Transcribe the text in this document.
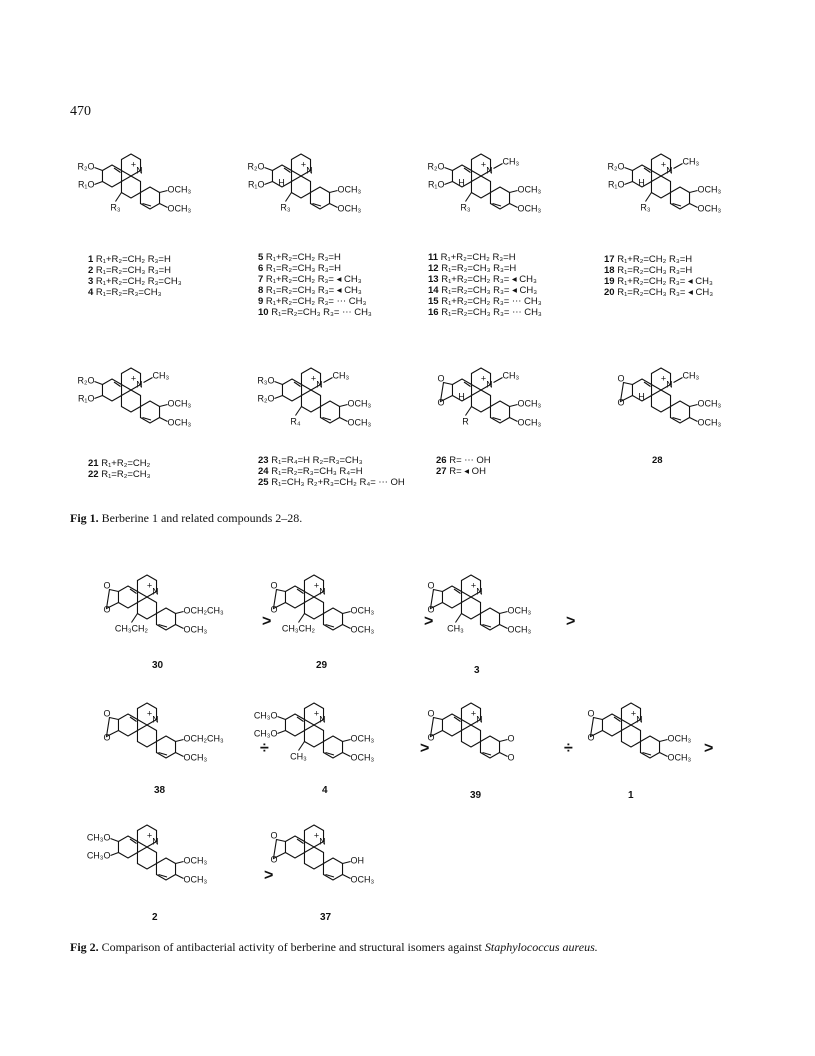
470
R₂O
R₁O
N
+
OCH₃
OCH₃
R₃
R₂O
R₁O
N
+
OCH₃
OCH₃
R₃
H
R₂O
R₁O
N
+ CH₃
OCH₃
OCH₃
R₃
H
R₂O
R₁O
N
+ CH₃
OCH₃
OCH₃
R₃
H
R₂O
R₁O
N
+ CH₃
OCH₃
OCH₃
R₃O
R₂O
N
+ CH₃
OCH₃
OCH₃
R₄
O
O
N
+ CH₃
OCH₃
OCH₃
R
H
O
O
N
+ CH₃
OCH₃
OCH₃
H
Fig 1. Berberine 1 and related compounds 2–28.
O
O
N
+
OCH₂CH₃
OCH₃
CH₃CH₂
O
O
N
+
OCH₃
OCH₃
CH₃CH₂
O
O
N
+
OCH₃
OCH₃
CH₃
O
O
N
+
OCH₂CH₃
OCH₃
CH₃O
CH₃O
N
+
OCH₃
OCH₃
CH₃
O
O
N
+
O
O
O
O
N
+
OCH₃
OCH₃
CH₃O
CH₃O
N
+
OCH₃
OCH₃
O
O
N
+
OH
OCH₃
Fig 2. Comparison of antibacterial activity of berberine and structural isomers against Staphylococcus aureus.
1 R₁+R₂=CH₂ R₃=H
2 R₁=R₂=CH₃ R₃=H
3 R₁+R₂=CH₂ R₃=CH₃
4 R₁=R₂=R₃=CH₃
5 R₁+R₂=CH₂ R₃=H
6 R₁=R₂=CH₃ R₃=H
7 R₁+R₂=CH₂ R₃= ◂ CH₃
8 R₁=R₂=CH₃ R₃= ◂ CH₃
9 R₁+R₂=CH₂ R₃= ⋯ CH₃
10 R₁=R₂=CH₃ R₃= ⋯ CH₃
11 R₁+R₂=CH₂ R₃=H
12 R₁=R₂=CH₃ R₃=H
13 R₁+R₂=CH₂ R₃= ◂ CH₃
14 R₁=R₂=CH₃ R₃= ◂ CH₃
15 R₁+R₂=CH₂ R₃= ⋯ CH₃
16 R₁=R₂=CH₃ R₃= ⋯ CH₃
17 R₁+R₂=CH₂ R₃=H
18 R₁=R₂=CH₃ R₃=H
19 R₁+R₂=CH₂ R₃= ◂ CH₃
20 R₁=R₂=CH₃ R₃= ◂ CH₃
21 R₁+R₂=CH₂
22 R₁=R₂=CH₃
23 R₁=R₄=H R₂=R₃=CH₃
24 R₁=R₂=R₃=CH₃ R₄=H
25 R₁=CH₃ R₂+R₃=CH₂ R₄= ⋯ OH
26 R= ⋯ OH
27 R= ◂ OH
28
30	29	3
38	4	39	1
2	37
>	>	>
÷	>	÷	>
>
